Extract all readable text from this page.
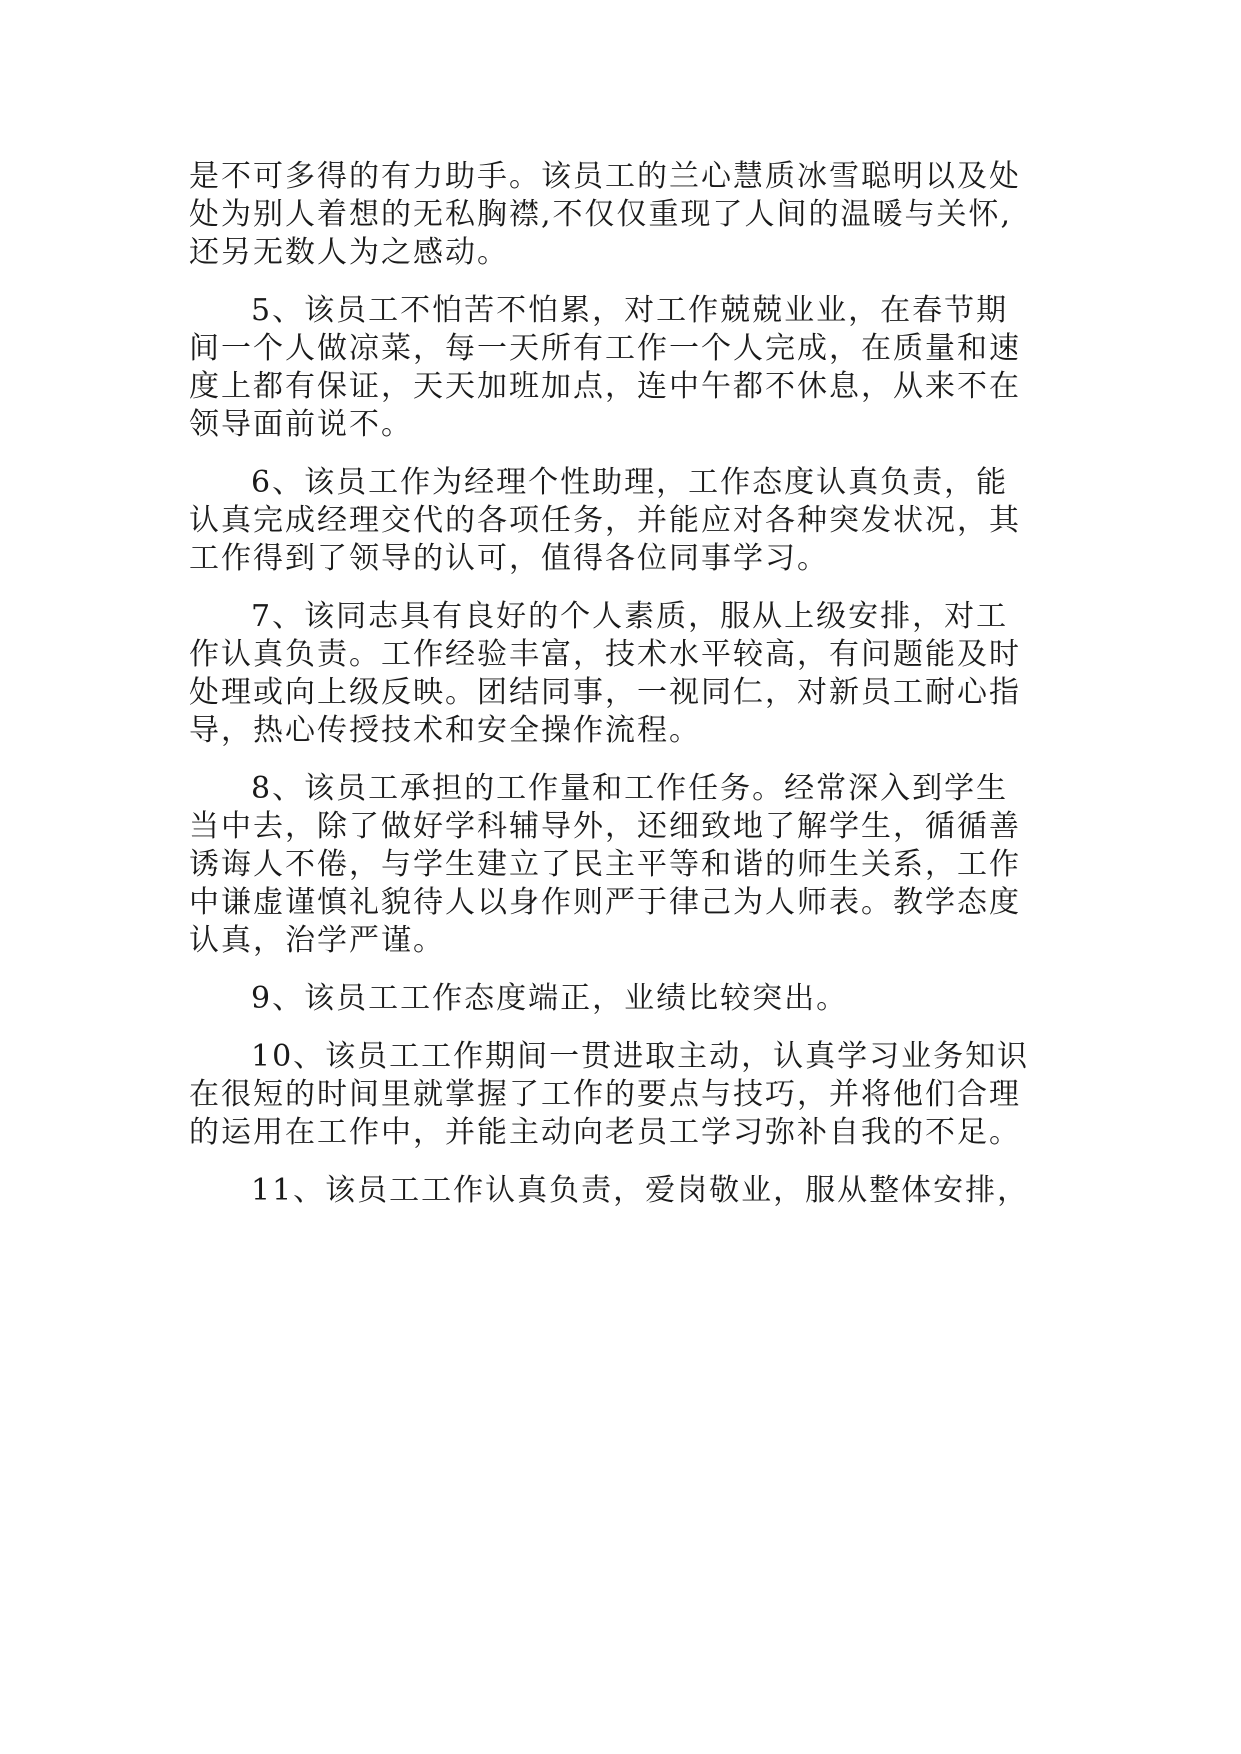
是不可多得的有力助手。该员工的兰心慧质冰雪聪明以及处

处为别人着想的无私胸襟,不仅仅重现了人间的温暖与关怀,

还另无数人为之感动。

5、该员工不怕苦不怕累，对工作兢兢业业，在春节期

间一个人做凉菜，每一天所有工作一个人完成，在质量和速

度上都有保证，天天加班加点，连中午都不休息，从来不在

领导面前说不。

6、该员工作为经理个性助理，工作态度认真负责，能

认真完成经理交代的各项任务，并能应对各种突发状况，其

工作得到了领导的认可，值得各位同事学习。

7、该同志具有良好的个人素质，服从上级安排，对工

作认真负责。工作经验丰富，技术水平较高，有问题能及时

处理或向上级反映。团结同事，一视同仁，对新员工耐心指

导，热心传授技术和安全操作流程。

8、该员工承担的工作量和工作任务。经常深入到学生

当中去，除了做好学科辅导外，还细致地了解学生，循循善

诱诲人不倦，与学生建立了民主平等和谐的师生关系，工作

中谦虚谨慎礼貌待人以身作则严于律己为人师表。教学态度

认真，治学严谨。

9、该员工工作态度端正，业绩比较突出。

10、该员工工作期间一贯进取主动，认真学习业务知识

在很短的时间里就掌握了工作的要点与技巧，并将他们合理

的运用在工作中，并能主动向老员工学习弥补自我的不足。

11、该员工工作认真负责，爱岗敬业，服从整体安排，
